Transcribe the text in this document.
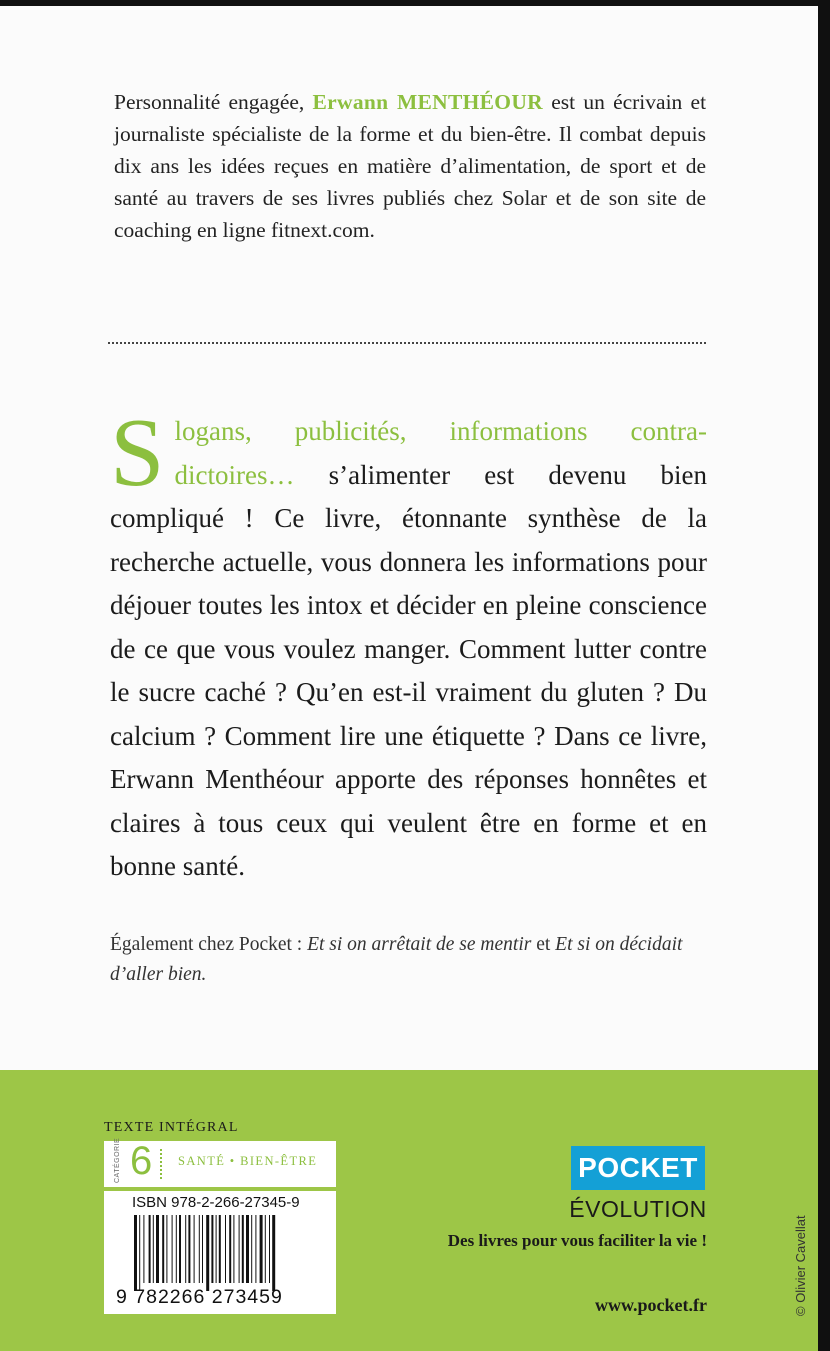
Personnalité engagée, Erwann MENTHÉOUR est un écrivain et journaliste spécialiste de la forme et du bien-être. Il combat depuis dix ans les idées reçues en matière d’alimentation, de sport et de santé au travers de ses livres publiés chez Solar et de son site de coaching en ligne fitnext.com.

Slogans, publicités, informations contra-dictoires… s’alimenter est devenu bien compliqué ! Ce livre, étonnante synthèse de la recherche actuelle, vous donnera les informations pour déjouer toutes les intox et décider en pleine conscience de ce que vous voulez manger. Comment lutter contre le sucre caché ? Qu’en est-il vraiment du gluten ? Du calcium ? Comment lire une étiquette ? Dans ce livre, Erwann Menthéour apporte des réponses honnêtes et claires à tous ceux qui veulent être en forme et en bonne santé.

Également chez Pocket : Et si on arrêtait de se mentir et Et si on décidait d’aller bien.

TEXTE INTÉGRAL
CATÉGORIE 6 SANTÉ • BIEN-ÊTRE
ISBN 978-2-266-27345-9
9 782266 273459
POCKET
ÉVOLUTION
Des livres pour vous faciliter la vie !
www.pocket.fr	© Olivier Cavellat
